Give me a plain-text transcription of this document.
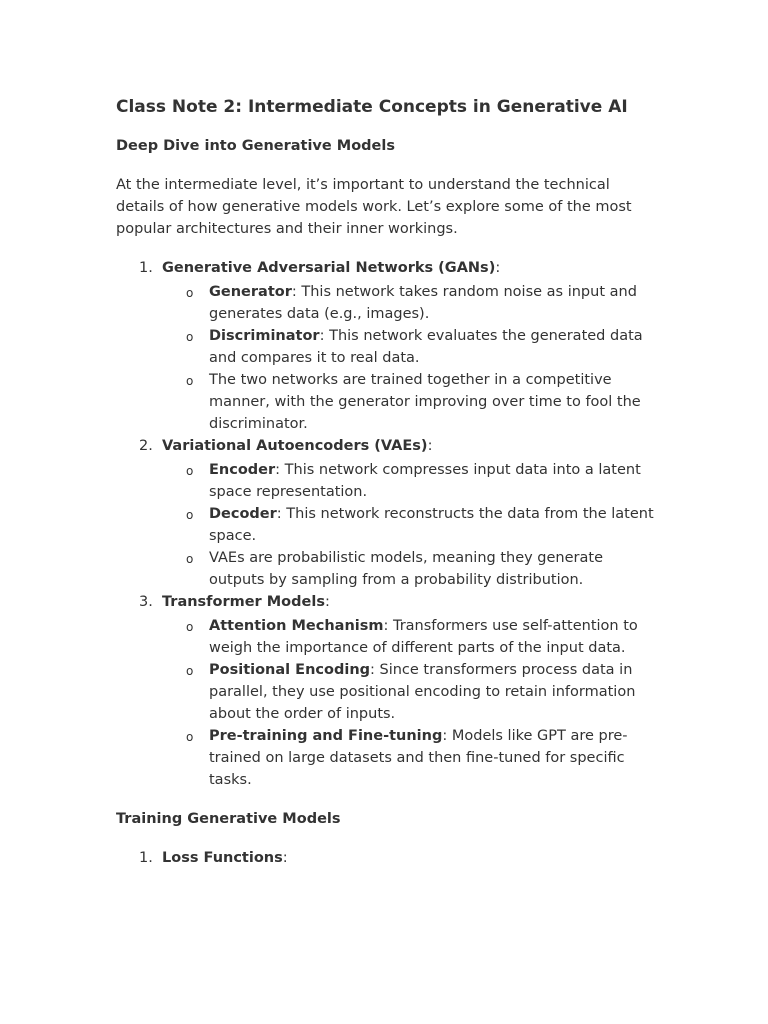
Class Note 2: Intermediate Concepts in Generative AI
Deep Dive into Generative Models

At the intermediate level, it’s important to understand the technical details of how generative models work. Let’s explore some of the most popular architectures and their inner workings.

1. Generative Adversarial Networks (GANs):
o Generator: This network takes random noise as input and generates data (e.g., images).
o Discriminator: This network evaluates the generated data and compares it to real data.
o The two networks are trained together in a competitive manner, with the generator improving over time to fool the discriminator.
2. Variational Autoencoders (VAEs):
o Encoder: This network compresses input data into a latent space representation.
o Decoder: This network reconstructs the data from the latent space.
o VAEs are probabilistic models, meaning they generate outputs by sampling from a probability distribution.
3. Transformer Models:
o Attention Mechanism: Transformers use self-attention to weigh the importance of different parts of the input data.
o Positional Encoding: Since transformers process data in parallel, they use positional encoding to retain information about the order of inputs.
o Pre-training and Fine-tuning: Models like GPT are pre-trained on large datasets and then fine-tuned for specific tasks.
Training Generative Models
1. Loss Functions:
